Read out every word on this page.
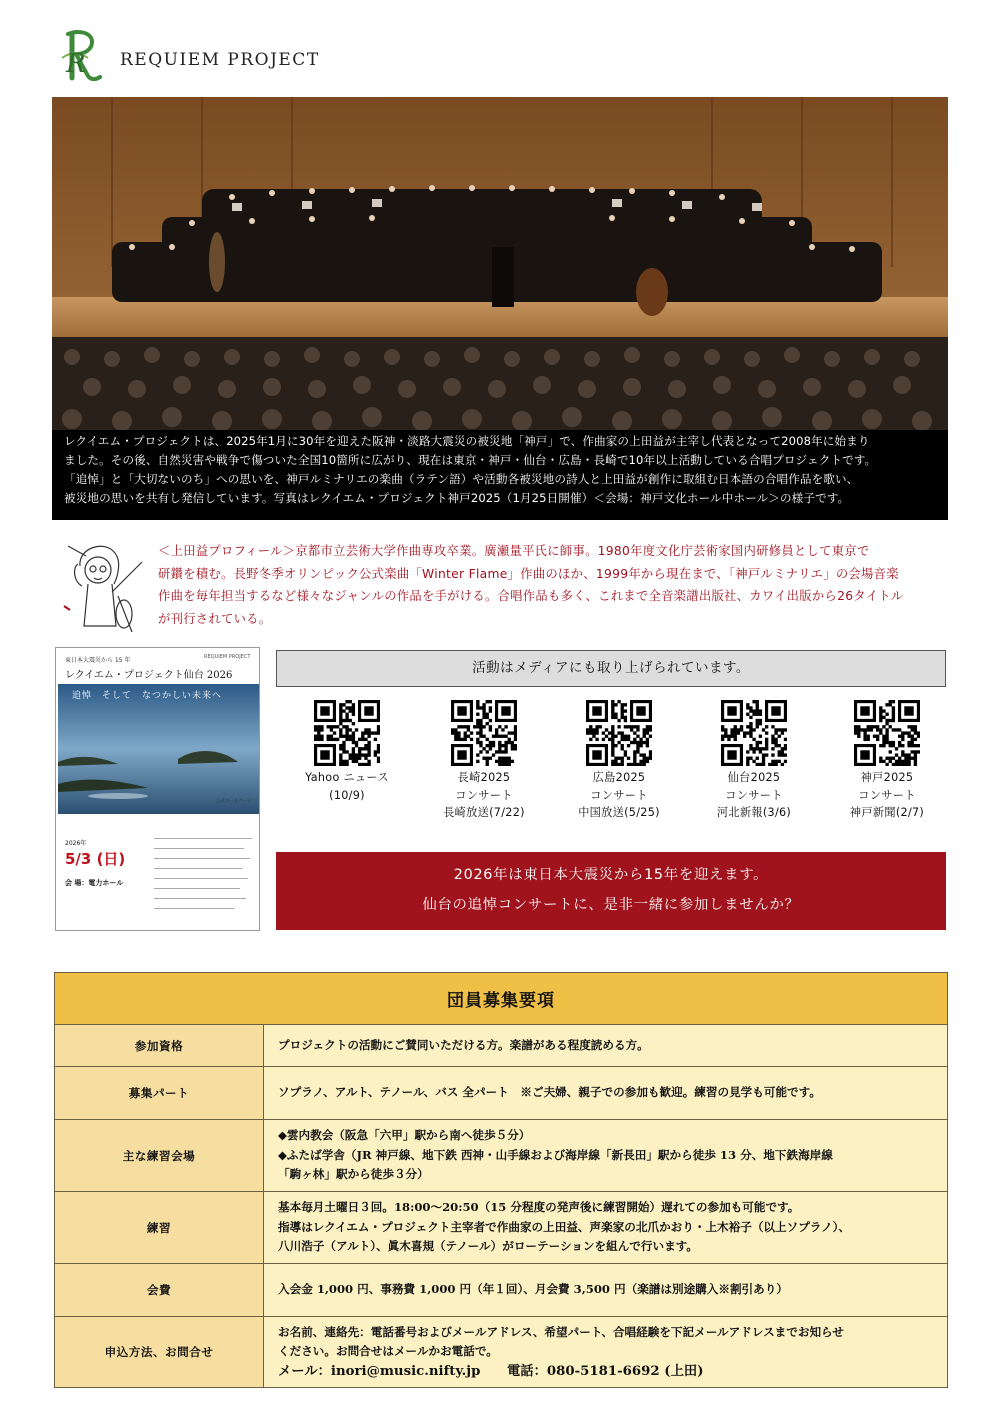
R REQUIEM PROJECT

レクイエム・プロジェクトは、2025年1月に30年を迎えた阪神・淡路大震災の被災地「神戸」で、作曲家の上田益が主宰し代表となって2008年に始まり

ました。その後、自然災害や戦争で傷ついた全国10箇所に広がり、現在は東京・神戸・仙台・広島・長崎で10年以上活動している合唱プロジェクトです。

「追悼」と「大切ないのち」への思いを、神戸ルミナリエの楽曲（ラテン語）や活動各被災地の詩人と上田益が創作に取組む日本語の合唱作品を歌い、

被災地の思いを共有し発信しています。写真はレクイエム・プロジェクト神戸2025（1月25日開催）＜会場：神戸文化ホール中ホール＞の様子です。

＜上田益プロフィール＞京都市立芸術大学作曲専攻卒業。廣瀬量平氏に師事。1980年度文化庁芸術家国内研修員として東京で
研鑽を積む。長野冬季オリンピック公式楽曲「Winter Flame」作曲のほか、1999年から現在まで、「神戸ルミナリエ」の会場音楽
作曲を毎年担当するなど様々なジャンルの作品を手がける。合唱作品も多く、これまで全音楽譜出版社、カワイ出版から26タイトル
が刊行されている。
東日本大震災から 15 年	REQUIEM PROJECT
レクイエム・プロジェクト仙台 2026
追悼　そして　なつかしい未来へ
公式ホームページ
2026年
5/3 (日)
会 場：電力ホール
活動はメディアにも取り上げられています。
Yahoo ニュース
(10/9)
長崎2025
コンサート
長崎放送(7/22)
広島2025
コンサート
中国放送(5/25)
仙台2025
コンサート
河北新報(3/6)
神戸2025
コンサート
神戸新聞(2/7)
2026年は東日本大震災から15年を迎えます。
仙台の追悼コンサートに、是非一緒に参加しませんか？
団員募集要項	
参加資格	プロジェクトの活動にご賛同いただける方。楽譜がある程度読める方。

募集パート	ソプラノ、アルト、テノール、バス 全パート　※ご夫婦、親子での参加も歓迎。練習の見学も可能です。

主な練習会場	◆雲内教会（阪急「六甲」駅から南へ徒歩５分）
◆ふたば学舎（JR 神戸線、地下鉄 西神・山手線および海岸線「新長田」駅から徒歩 13 分、地下鉄海岸線
「駒ヶ林」駅から徒歩３分）

練習	基本毎月土曜日３回。18:00～20:50（15 分程度の発声後に練習開始）遅れての参加も可能です。
指導はレクイエム・プロジェクト主宰者で作曲家の上田益、声楽家の北爪かおり・上木裕子（以上ソプラノ）、
八川浩子（アルト）、眞木喜規（テノール）がローテーションを組んで行います。

会費	入会金 1,000 円、事務費 1,000 円（年１回）、月会費 3,500 円（楽譜は別途購入※割引あり）

申込方法、お問合せ	お名前、連絡先：電話番号およびメールアドレス、希望パート、合唱経験を下記メールアドレスまでお知らせ
ください。お問合せはメールかお電話で。
メール：inori@music.nifty.jp　　電話：080-5181-6692 (上田)
